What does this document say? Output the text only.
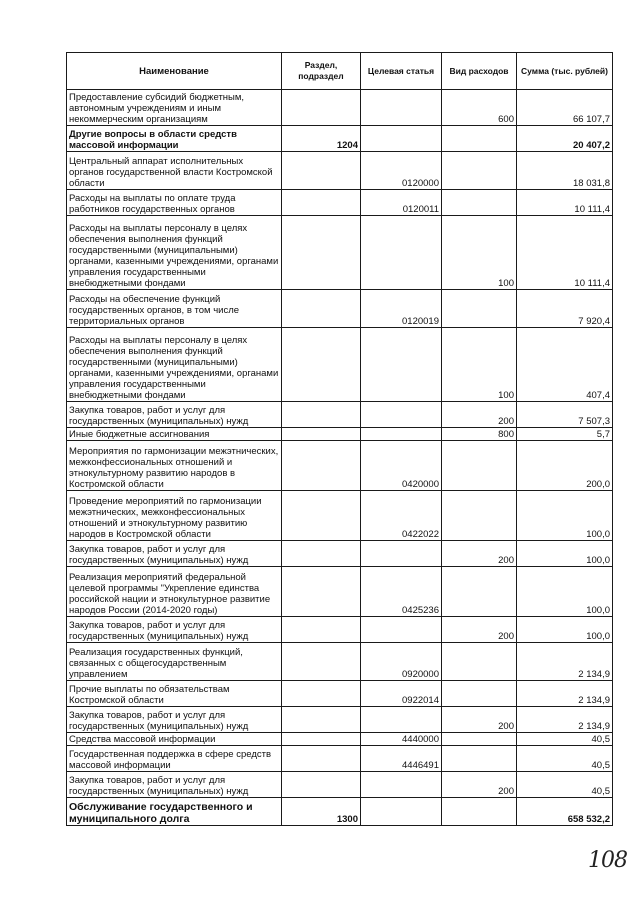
Наименование	Раздел, подраздел	Целевая статья	Вид расходов	Сумма (тыс. рублей)
Предоставление субсидий бюджетным, автономным учреждениям и иным некоммерческим организациям			600	66 107,7
Другие вопросы в области средств массовой информации	1204			20 407,2
Центральный аппарат исполнительных органов государственной власти Костромской области		0120000		18 031,8
Расходы на выплаты по оплате труда работников государственных органов		0120011		10 111,4
Расходы на выплаты персоналу в целях обеспечения выполнения функций государственными (муниципальными) органами, казенными учреждениями, органами управления государственными внебюджетными фондами			100	10 111,4
Расходы на обеспечение функций государственных органов, в том числе территориальных органов		0120019		7 920,4
Расходы на выплаты персоналу в целях обеспечения выполнения функций государственными (муниципальными) органами, казенными учреждениями, органами управления государственными внебюджетными фондами			100	407,4
Закупка товаров, работ и услуг для государственных (муниципальных) нужд			200	7 507,3
Иные бюджетные ассигнования			800	5,7
Мероприятия по гармонизации межэтнических, межконфессиональных отношений и этнокультурному развитию народов в Костромской области		0420000		200,0
Проведение мероприятий по гармонизации межэтнических, межконфессиональных отношений и этнокультурному развитию народов в Костромской области		0422022		100,0
Закупка товаров, работ и услуг для государственных (муниципальных) нужд			200	100,0
Реализация мероприятий федеральной целевой программы "Укрепление единства российской нации и этнокультурное развитие народов России (2014-2020 годы)		0425236		100,0
Закупка товаров, работ и услуг для государственных (муниципальных) нужд			200	100,0
Реализация государственных функций, связанных с общегосударственным управлением		0920000		2 134,9
Прочие выплаты по обязательствам Костромской области		0922014		2 134,9
Закупка товаров, работ и услуг для государственных (муниципальных) нужд			200	2 134,9
Средства массовой информации		4440000		40,5
Государственная поддержка в сфере средств массовой информации		4446491		40,5
Закупка товаров, работ и услуг для государственных (муниципальных) нужд			200	40,5
Обслуживание государственного и муниципального долга	1300			658 532,2
108
